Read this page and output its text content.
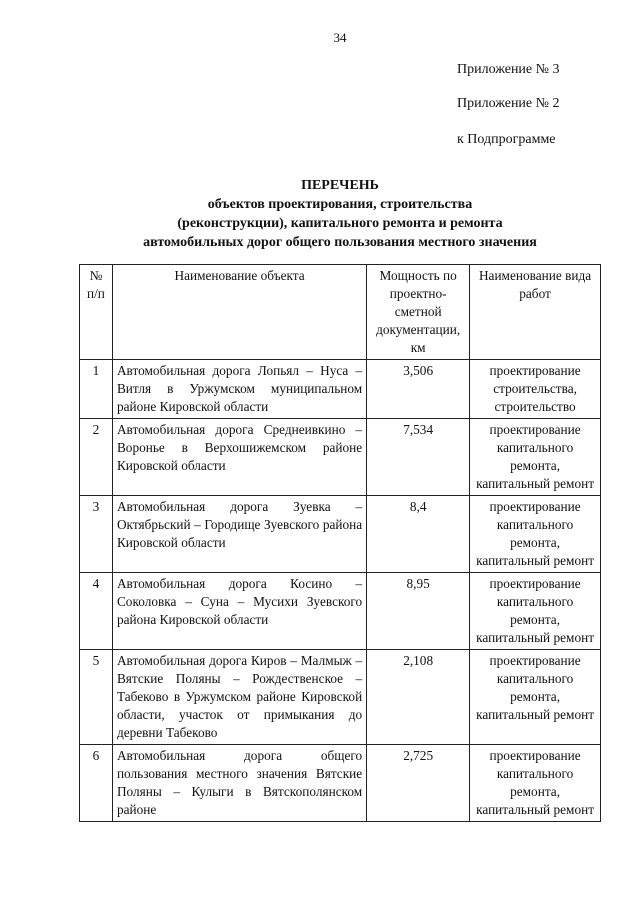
34
Приложение № 3
Приложение № 2
к Подпрограмме
ПЕРЕЧЕНЬ
объектов проектирования, строительства
(реконструкции), капитального ремонта и ремонта
автомобильных дорог общего пользования местного значения
№ п/п	Наименование объекта	Мощность по проектно-сметной документации, км	Наименование вида работ
1	Автомобильная дорога Лопьял – Нуса – Витля в Уржумском муниципальном районе Кировской области	3,506	проектирование строительства, строительство
2	Автомобильная дорога Среднеивкино – Воронье в Верхошижемском районе Кировской области	7,534	проектирование капитального ремонта, капитальный ремонт
3	Автомобильная дорога Зуевка – Октябрьский – Городище Зуевского района Кировской области	8,4	проектирование капитального ремонта, капитальный ремонт
4	Автомобильная дорога Косино – Соколовка – Суна – Мусихи Зуевского района Кировской области	8,95	проектирование капитального ремонта, капитальный ремонт
5	Автомобильная дорога Киров – Малмыж – Вятские Поляны – Рождественское – Табеково в Уржумском районе Кировской области, участок от примыкания до деревни Табеково	2,108	проектирование капитального ремонта, капитальный ремонт
6	Автомобильная дорога общего пользования местного значения Вятские Поляны – Кулыги в Вятскополянском районе	2,725	проектирование капитального ремонта, капитальный ремонт
